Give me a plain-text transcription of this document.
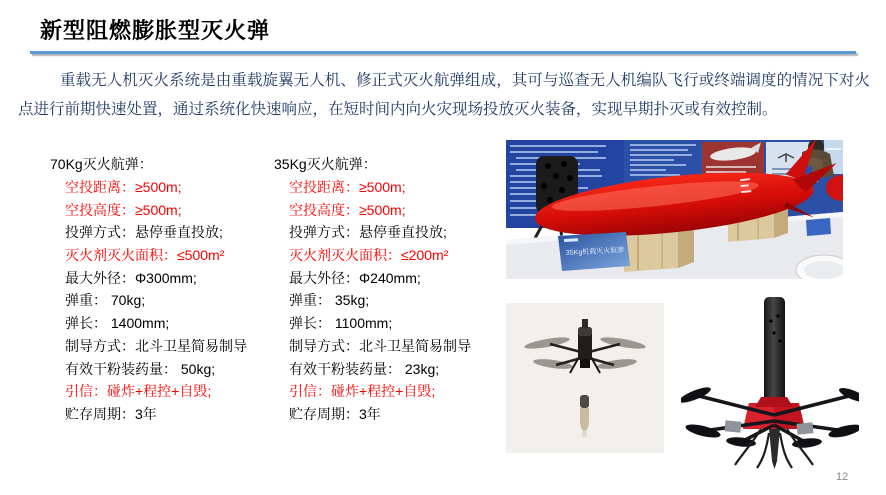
新型阻燃膨胀型灭火弹
重载无人机灭火系统是由重载旋翼无人机、修正式灭火航弹组成，其可与巡查无人机编队飞行或终端调度的情况下对火点进行前期快速处置，通过系统化快速响应，在短时间内向火灾现场投放灭火装备，实现早期扑灭或有效控制。
70Kg灭火航弹：
空投距离：≥500m;
空投高度：≥500m;
投弹方式：悬停垂直投放;
灭火剂灭火面积：≤500m²
最大外径：Φ300mm;
弹重： 70kg;
弹长： 1400mm;
制导方式：北斗卫星简易制导
有效干粉装药量： 50kg;
引信：碰炸+程控+自毁;
贮存周期：3年
35Kg灭火航弹：
空投距离：≥500m;
空投高度：≥500m;
投弹方式：悬停垂直投放;
灭火剂灭火面积：≤200m²
最大外径：Φ240mm;
弹重： 35kg;
弹长： 1100mm;
制导方式：北斗卫星简易制导
有效干粉装药量： 23kg;
引信：碰炸+程控+自毁;
贮存周期：3年
35Kg机载灭火航弹
12
